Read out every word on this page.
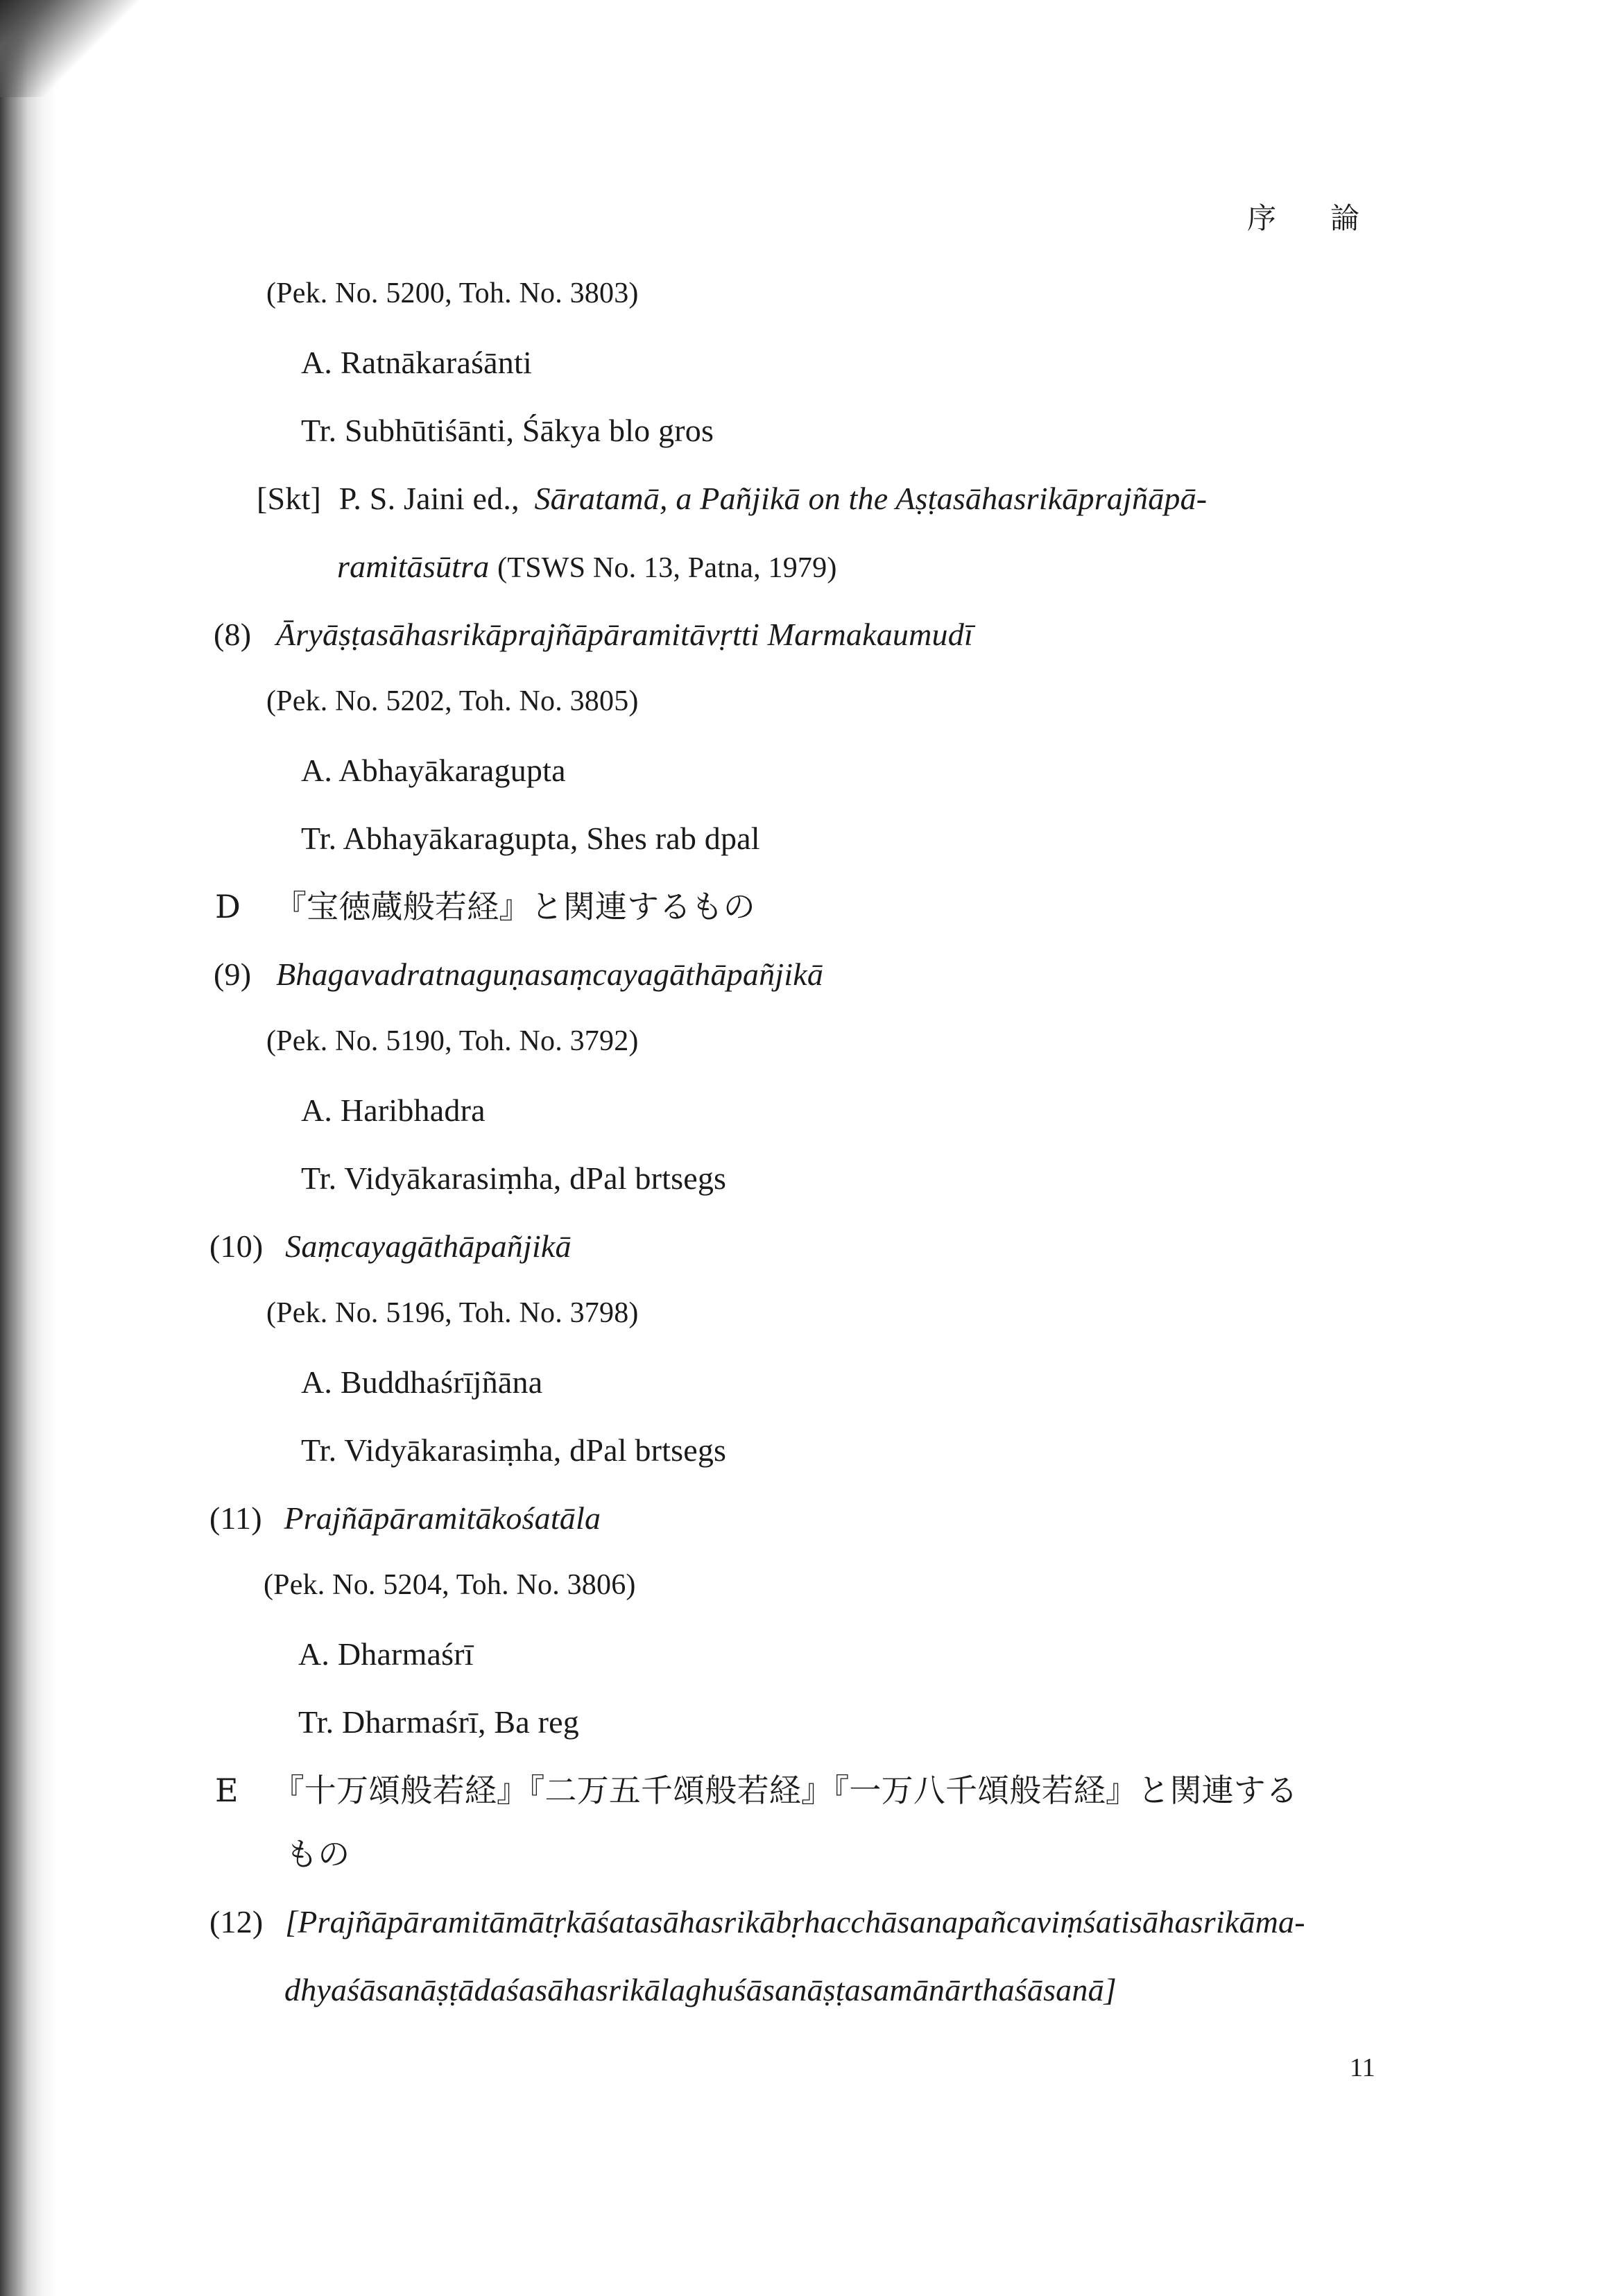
序論
(Pek. No. 5200, Toh. No. 3803)
A. Ratnākaraśānti
Tr. Subhūtiśānti, Śākya blo gros
[Skt] P. S. Jaini ed., Sāratamā, a Pañjikā on the Aṣṭasāhasrikāprajñāpā-
ramitāsūtra (TSWS No. 13, Patna, 1979)
(8) Āryāṣṭasāhasrikāprajñāpāramitāvṛtti Marmakaumudī
(Pek. No. 5202, Toh. No. 3805)
A. Abhayākaragupta
Tr. Abhayākaragupta, Shes rab dpal
D 『宝徳蔵般若経』と関連するもの
(9) Bhagavadratnaguṇasaṃcayagāthāpañjikā
(Pek. No. 5190, Toh. No. 3792)
A. Haribhadra
Tr. Vidyākarasiṃha, dPal brtsegs
(10) Saṃcayagāthāpañjikā
(Pek. No. 5196, Toh. No. 3798)
A. Buddhaśrījñāna
Tr. Vidyākarasiṃha, dPal brtsegs
(11) Prajñāpāramitākośatāla
(Pek. No. 5204, Toh. No. 3806)
A. Dharmaśrī
Tr. Dharmaśrī, Ba reg
E 『十万頌般若経』『二万五千頌般若経』『一万八千頌般若経』と関連する
もの
(12) [Prajñāpāramitāmātṛkāśatasāhasrikābṛhacchāsanapañcaviṃśatisāhasrikāma-
dhyaśāsanāṣṭādaśasāhasrikālaghuśāsanāṣṭasamānārthaśāsanā]
11
